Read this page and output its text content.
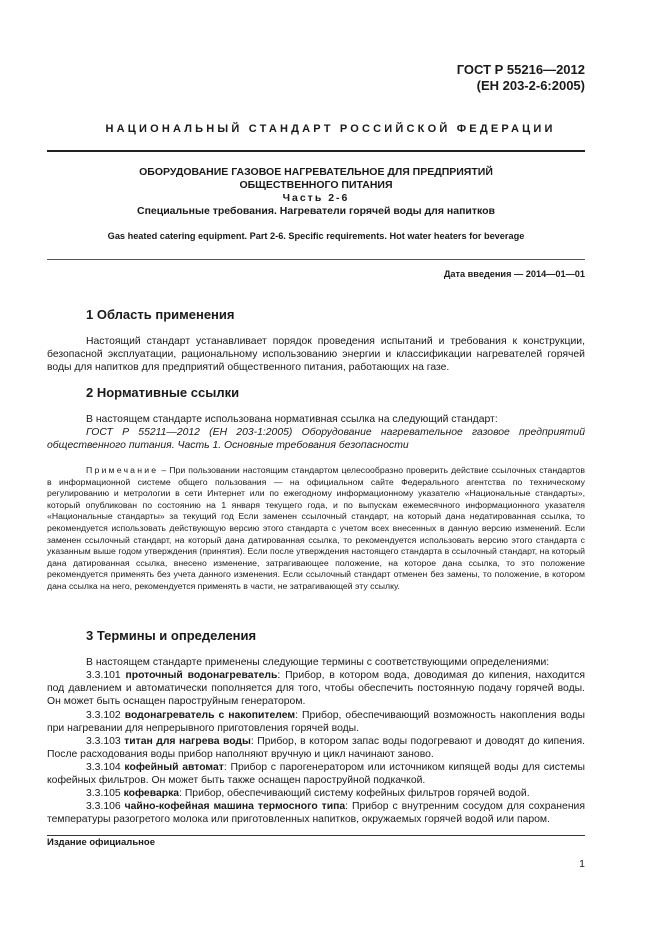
ГОСТ Р 55216—2012
(ЕН 203-2-6:2005)
НАЦИОНАЛЬНЫЙ СТАНДАРТ РОССИЙСКОЙ ФЕДЕРАЦИИ
ОБОРУДОВАНИЕ ГАЗОВОЕ НАГРЕВАТЕЛЬНОЕ ДЛЯ ПРЕДПРИЯТИЙ
ОБЩЕСТВЕННОГО ПИТАНИЯ
Часть 2-6
Специальные требования. Нагреватели горячей воды для напитков
Gas heated catering equipment. Part 2-6. Specific requirements. Hot water heaters for beverage
Дата введения — 2014—01—01
1 Область применения

Настоящий стандарт устанавливает порядок проведения испытаний и требования к конструкции, безопасной эксплуатации, рациональному использованию энергии и классификации нагревателей горячей воды для напитков для предприятий общественного питания, работающих на газе.

2 Нормативные ссылки

В настоящем стандарте использована нормативная ссылка на следующий стандарт:

ГОСТ Р 55211—2012 (ЕН 203-1:2005) Оборудование нагревательное газовое предприятий общественного питания. Часть 1. Основные требования безопасности

Примечание – При пользовании настоящим стандартом целесообразно проверить действие ссылочных стандартов в информационной системе общего пользования — на официальном сайте Федерального агентства по техническому регулированию и метрологии в сети Интернет или по ежегодному информационному указателю «Национальные стандарты», который опубликован по состоянию на 1 января текущего года, и по выпускам ежемесячного информационного указателя «Национальные стандарты» за текущий год Если заменен ссылочный стандарт, на который дана недатированная ссылка, то рекомендуется использовать действующую версию этого стандарта с учетом всех внесенных в данную версию изменений. Если заменен ссылочный стандарт, на который дана датированная ссылка, то рекомендуется использовать версию этого стандарта с указанным выше годом утверждения (принятия). Если после утверждения настоящего стандарта в ссылочный стандарт, на который дана датированная ссылка, внесено изменение, затрагивающее положение, на которое дана ссылка, то это положение рекомендуется применять без учета данного изменения. Если ссылочный стандарт отменен без замены, то положение, в котором дана ссылка на него, рекомендуется применять в части, не затрагивающей эту ссылку.

3 Термины и определения

В настоящем стандарте применены следующие термины с соответствующими определениями:

3.3.101 проточный водонагреватель: Прибор, в котором вода, доводимая до кипения, находится под давлением и автоматически пополняется для того, чтобы обеспечить постоянную подачу горячей воды. Он может быть оснащен пароструйным генератором.

3.3.102 водонагреватель с накопителем: Прибор, обеспечивающий возможность накопления воды при нагревании для непрерывного приготовления горячей воды.

3.3.103 титан для нагрева воды: Прибор, в котором запас воды подогревают и доводят до кипения. После расходования воды прибор наполняют вручную и цикл начинают заново.

3.3.104 кофейный автомат: Прибор с парогенератором или источником кипящей воды для системы кофейных фильтров. Он может быть также оснащен пароструйной подкачкой.

3.3.105 кофеварка: Прибор, обеспечивающий систему кофейных фильтров горячей водой.

3.3.106 чайно-кофейная машина термосного типа: Прибор с внутренним сосудом для сохранения температуры разогретого молока или приготовленных напитков, окружаемых горячей водой или паром.

Издание официальное
1
